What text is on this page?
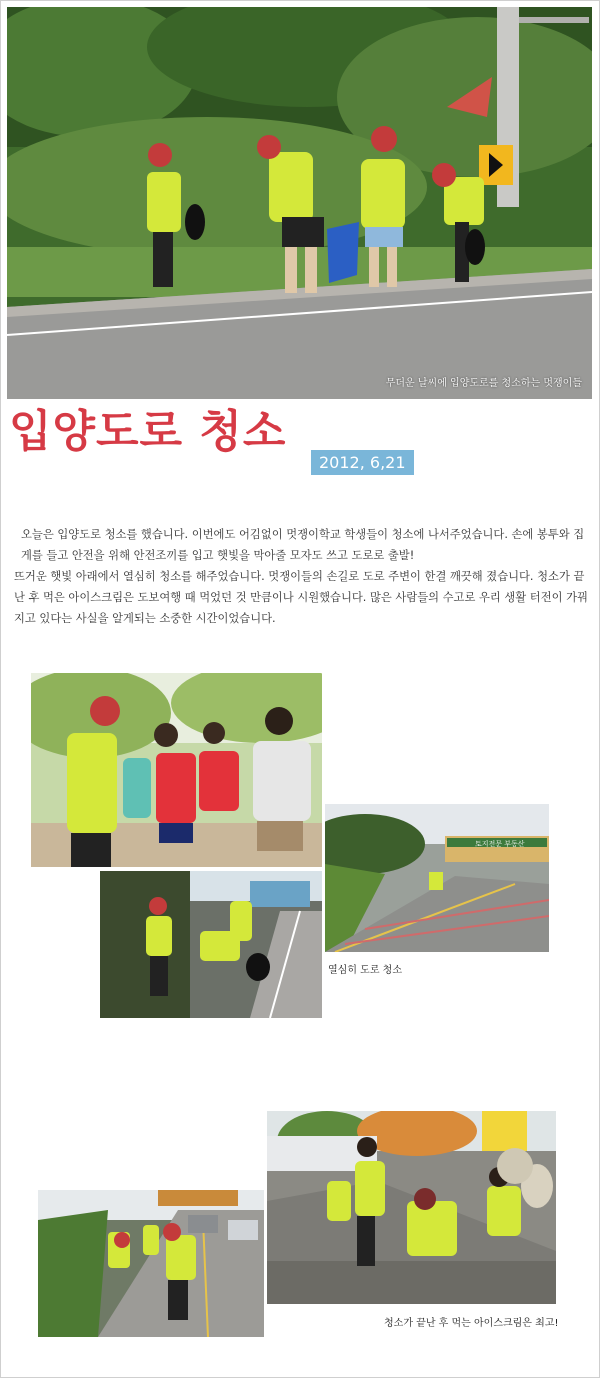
무더운 날씨에 입양도로를 청소하는 멋쟁이들
입양도로 청소
2012, 6,21
오늘은 입양도로 청소를 했습니다. 이번에도 어김없이 멋쟁이학교 학생들이 청소에 나서주었습니다. 손에 봉투와 집게를 들고 안전을 위해 안전조끼를 입고 햇빛을 막아줄 모자도 쓰고 도로로 출발!
뜨거운 햇빛 아래에서 열심히 청소를 해주었습니다. 멋쟁이들의 손길로 도로 주변이 한결 깨끗해 졌습니다. 청소가 끝난 후 먹은 아이스크림은 도보여행 때 먹었던 것 만큼이나 시원했습니다. 많은 사람들의 수고로 우리 생활 터전이 가꿔지고 있다는 사실을 알게되는 소중한 시간이었습니다.
토지전문 부동산
열심히 도로 청소
청소가 끝난 후 먹는 아이스크림은 최고!
